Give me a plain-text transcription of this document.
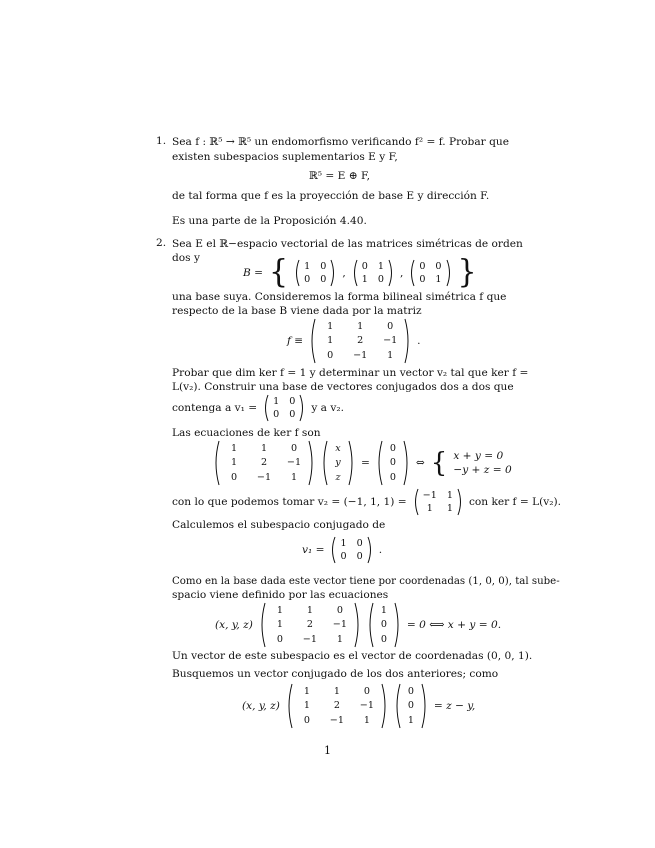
1. Sea f : ℝ⁵ → ℝ⁵ un endomorfismo verificando f² = f. Probar que
existen subespacios suplementarios E y F,
ℝ⁵ = E ⊕ F,
de tal forma que f es la proyección de base E y dirección F.
Es una parte de la Proposición 4.40.
2. Sea E el ℝ−espacio vectorial de las matrices simétricas de orden
dos y
B = { 1 0
0 0
,
0 1
1 0
,
0 0
0 1 }
una base suya. Consideremos la forma bilineal simétrica f que
respecto de la base B viene dada por la matriz
f ≡
1 1 0
1 2 −1
0 −1 1
.
Probar que dim ker f = 1 y determinar un vector v₂ tal que ker f =
L(v₂). Construir una base de vectores conjugados dos a dos que
contenga a v₁ =
1 0
0 0
y a v₂.
Las ecuaciones de ker f son
1 1 0
1 2 −1
0 −1 1
x
y
z
=
0
0
0
⇔ { x + y = 0
−y + z = 0
con lo que podemos tomar v₂ = (−1, 1, 1) =
−1 1
1 1
con ker f = L(v₂).
Calculemos el subespacio conjugado de
v₁ =
1 0
0 0
.
Como en la base dada este vector tiene por coordenadas (1, 0, 0), tal sube-
spacio viene definido por las ecuaciones
(x, y, z)
1 1 0
1 2 −1
0 −1 1
1
0
0
= 0 ⟺ x + y = 0.
Un vector de este subespacio es el vector de coordenadas (0, 0, 1).
Busquemos un vector conjugado de los dos anteriores; como
(x, y, z)
1 1 0
1 2 −1
0 −1 1
0
0
1
= z − y,
1
